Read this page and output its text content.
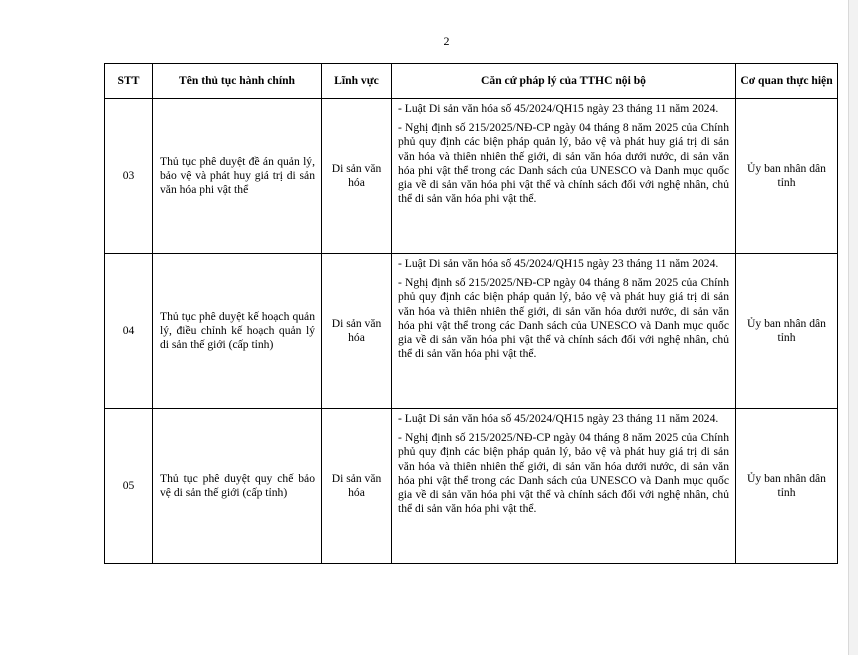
2
STT	Tên thủ tục hành chính	Lĩnh vực	Căn cứ pháp lý của TTHC nội bộ	Cơ quan thực hiện
03	Thủ tục phê duyệt đề án quản lý, bảo vệ và phát huy giá trị di sản văn hóa phi vật thể	Di sản văn hóa	- Luật Di sản văn hóa số 45/2024/QH15 ngày 23 tháng 11 năm 2024.
- Nghị định số 215/2025/NĐ-CP ngày 04 tháng 8 năm 2025 của Chính phủ quy định các biện pháp quản lý, bảo vệ và phát huy giá trị di sản văn hóa và thiên nhiên thế giới, di sản văn hóa dưới nước, di sản văn hóa phi vật thể trong các Danh sách của UNESCO và Danh mục quốc gia về di sản văn hóa phi vật thể và chính sách đối với nghệ nhân, chủ thể di sản văn hóa phi vật thể.	Ủy ban nhân dân tỉnh
04	Thủ tục phê duyệt kế hoạch quản lý, điều chỉnh kế hoạch quản lý di sản thế giới (cấp tỉnh)	Di sản văn hóa	- Luật Di sản văn hóa số 45/2024/QH15 ngày 23 tháng 11 năm 2024.
- Nghị định số 215/2025/NĐ-CP ngày 04 tháng 8 năm 2025 của Chính phủ quy định các biện pháp quản lý, bảo vệ và phát huy giá trị di sản văn hóa và thiên nhiên thế giới, di sản văn hóa dưới nước, di sản văn hóa phi vật thể trong các Danh sách của UNESCO và Danh mục quốc gia về di sản văn hóa phi vật thể và chính sách đối với nghệ nhân, chủ thể di sản văn hóa phi vật thể.	Ủy ban nhân dân tỉnh
05	Thủ tục phê duyệt quy chế bảo vệ di sản thế giới (cấp tỉnh)	Di sản văn hóa	- Luật Di sản văn hóa số 45/2024/QH15 ngày 23 tháng 11 năm 2024.
- Nghị định số 215/2025/NĐ-CP ngày 04 tháng 8 năm 2025 của Chính phủ quy định các biện pháp quản lý, bảo vệ và phát huy giá trị di sản văn hóa và thiên nhiên thế giới, di sản văn hóa dưới nước, di sản văn hóa phi vật thể trong các Danh sách của UNESCO và Danh mục quốc gia về di sản văn hóa phi vật thể và chính sách đối với nghệ nhân, chủ thể di sản văn hóa phi vật thể.	Ủy ban nhân dân tỉnh
